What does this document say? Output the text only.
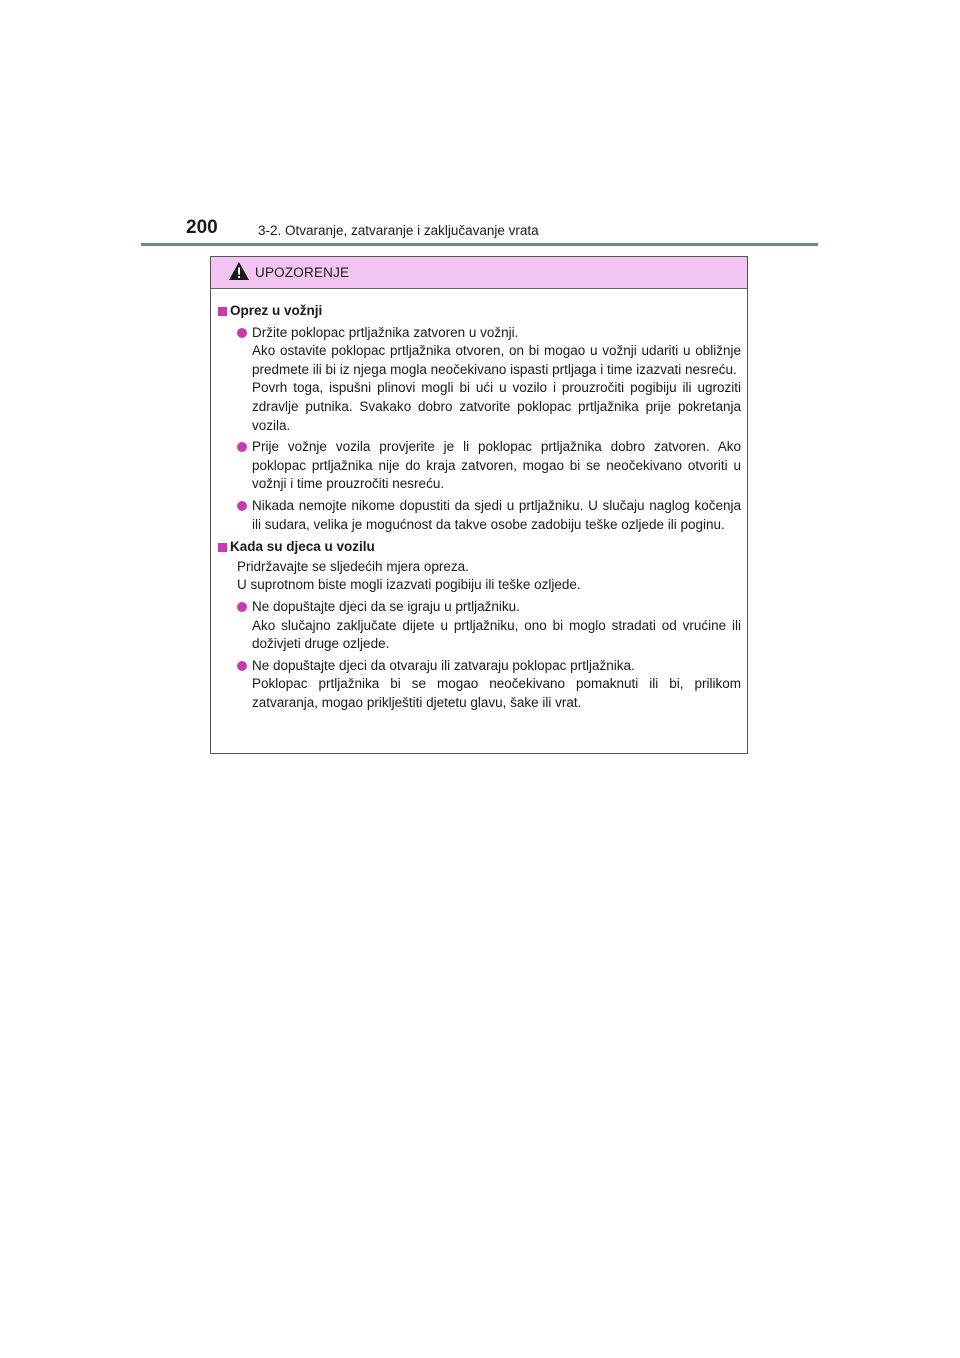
200	3-2. Otvaranje, zatvaranje i zaključavanje vrata
UPOZORENJE
Oprez u vožnji

Držite poklopac prtljažnika zatvoren u vožnji.

Ako ostavite poklopac prtljažnika otvoren, on bi mogao u vožnji udariti u obližnje predmete ili bi iz njega mogla neočekivano ispasti prtljaga i time izazvati nesreću.

Povrh toga, ispušni plinovi mogli bi ući u vozilo i prouzročiti pogibiju ili ugroziti zdravlje putnika. Svakako dobro zatvorite poklopac prtljažnika prije pokretanja vozila.

Prije vožnje vozila provjerite je li poklopac prtljažnika dobro zatvoren. Ako poklopac prtljažnika nije do kraja zatvoren, mogao bi se neočekivano otvoriti u vožnji i time prouzročiti nesreću.

Nikada nemojte nikome dopustiti da sjedi u prtljažniku. U slučaju naglog kočenja ili sudara, velika je mogućnost da takve osobe zadobiju teške ozljede ili poginu.

Kada su djeca u vozilu
Pridržavajte se sljedećih mjera opreza.
U suprotnom biste mogli izazvati pogibiju ili teške ozljede.

Ne dopuštajte djeci da se igraju u prtljažniku.

Ako slučajno zaključate dijete u prtljažniku, ono bi moglo stradati od vrućine ili doživjeti druge ozljede.

Ne dopuštajte djeci da otvaraju ili zatvaraju poklopac prtljažnika.

Poklopac prtljažnika bi se mogao neočekivano pomaknuti ili bi, prilikom zatvaranja, mogao priklještiti djetetu glavu, šake ili vrat.
